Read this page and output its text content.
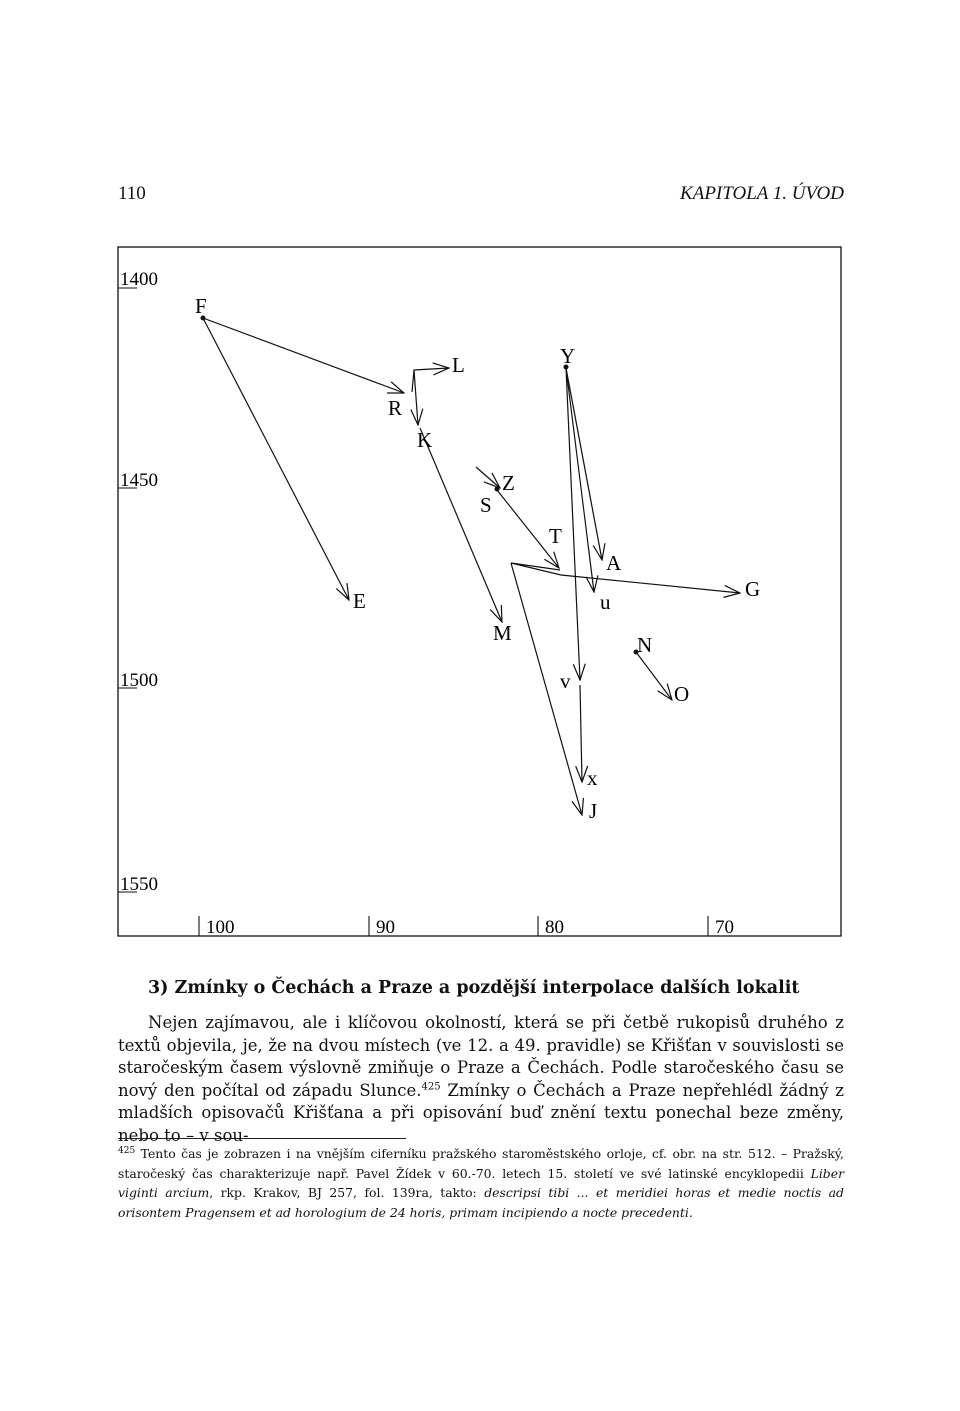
110	KAPITOLA 1. ÚVOD
1400
1450
1500
1550
100	90	80	70
F
R
L
K
E
S
Z
T
M
Y
A
u
G
N
O
v
x
J
3) Zmínky o Čechách a Praze a pozdější interpolace dalších lokalit

Nejen zajímavou, ale i klíčovou okolností, která se při četbě rukopisů druhého z textů objevila, je, že na dvou místech (ve 12. a 49. pravidle) se Křišťan v souvislosti se staročeským časem výslovně zmiňuje o Praze a Čechách. Podle staročeského času se nový den počítal od západu Slunce.$^{425}$ Zmínky o Čechách a Praze nepřehlédl žádný z mladších opisovačů Křišťana a při opisování buď znění textu ponechal beze změny, nebo to – v sou-

$^{425}$ Tento čas je zobrazen i na vnějším ciferníku pražského staroměstského orloje, cf. obr. na str. 512. – Pražský, staročeský čas charakterizuje např. Pavel Žídek v 60.-70. letech 15. století ve své latinské encyklopedii Liber viginti arcium, rkp. Krakov, BJ 257, fol. 139ra, takto: descripsi tibi ... et meridiei horas et medie noctis ad orisontem Pragensem et ad horologium de 24 horis, primam incipiendo a nocte precedenti.
